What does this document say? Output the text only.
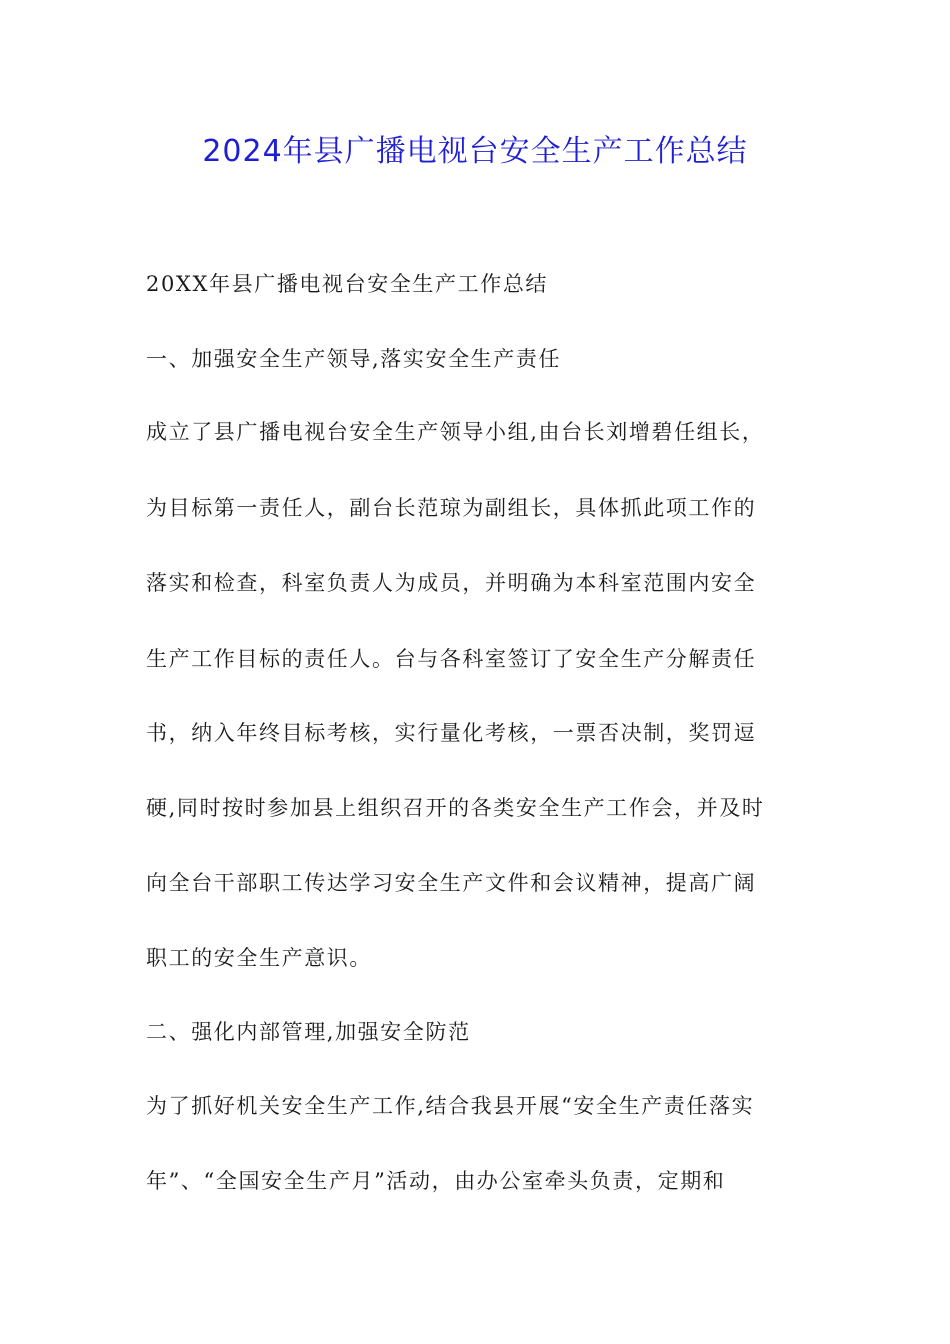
2024年县广播电视台安全生产工作总结

20XX年县广播电视台安全生产工作总结

一、加强安全生产领导,落实安全生产责任

成立了县广播电视台安全生产领导小组,由台长刘增碧任组长，

为目标第一责任人，副台长范琼为副组长，具体抓此项工作的

落实和检查，科室负责人为成员，并明确为本科室范围内安全

生产工作目标的责任人。台与各科室签订了安全生产分解责任

书，纳入年终目标考核，实行量化考核，一票否决制，奖罚逗

硬,同时按时参加县上组织召开的各类安全生产工作会，并及时

向全台干部职工传达学习安全生产文件和会议精神，提高广阔

职工的安全生产意识。

二、强化内部管理,加强安全防范

为了抓好机关安全生产工作,结合我县开展“安全生产责任落实

年”、“全国安全生产月”活动，由办公室牵头负责，定期和
